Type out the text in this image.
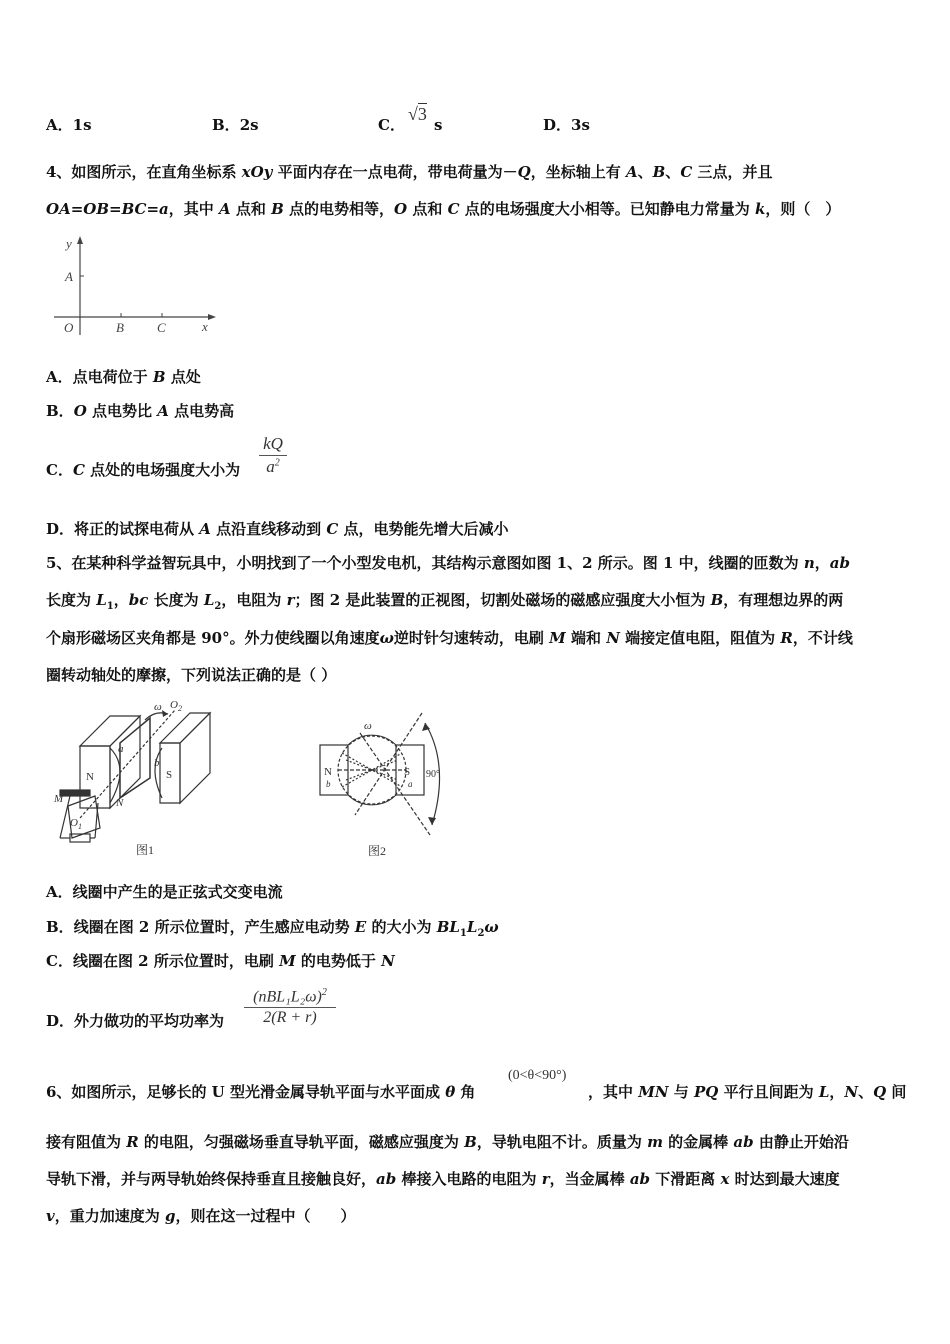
A．1s	B．2s	C．
√3
s	D．3s
4、如图所示，在直角坐标系 xOy 平面内存在一点电荷，带电荷量为－Q，坐标轴上有 A、B、C 三点，并且
OA=OB=BC=a，其中 A 点和 B 点的电势相等，O 点和 C 点的电场强度大小相等。已知静电力常量为 k，则（　）
y
A
O	B	C	x
A．点电荷位于 B 点处
B．O 点电势比 A 点电势高
C．C 点处的电场强度大小为
kQ
$a^2$
D．将正的试探电荷从 A 点沿直线移动到 C 点，电势能先增大后减小
5、在某种科学益智玩具中，小明找到了一个小型发电机，其结构示意图如图 1、2 所示。图 1 中，线圈的匝数为 n，ab
长度为 $L_1$，bc 长度为 $L_2$，电阻为 r；图 2 是此装置的正视图，切割处磁场的磁感应强度大小恒为 B，有理想边界的两
个扇形磁场区夹角都是 90°。外力使线圈以角速度ω逆时针匀速转动，电刷 M 端和 N 端接定值电阻，阻值为 R，不计线
圈转动轴处的摩擦，下列说法正确的是（ ）
N	S
a
b
M	N
$O_1$
$O_2$
ω
图1
N	S
b	a
ω
90°
图2
A．线圈中产生的是正弦式交变电流
B．线圈在图 2 所示位置时，产生感应电动势 E 的大小为 $BL_1L_2\omega$
C．线圈在图 2 所示位置时，电刷 M 的电势低于 N
D．外力做功的平均功率为
$(nBL_1L_2\omega)^2$
2(R + r)
6、如图所示，足够长的 U 型光滑金属导轨平面与水平面成 θ 角
(0<θ<90°)
，其中 MN 与 PQ 平行且间距为 L，N、Q 间
接有阻值为 R 的电阻，匀强磁场垂直导轨平面，磁感应强度为 B，导轨电阻不计。质量为 m 的金属棒 ab 由静止开始沿
导轨下滑，并与两导轨始终保持垂直且接触良好，ab 棒接入电路的电阻为 r，当金属棒 ab 下滑距离 x 时达到最大速度
v，重力加速度为 g，则在这一过程中（　　）
